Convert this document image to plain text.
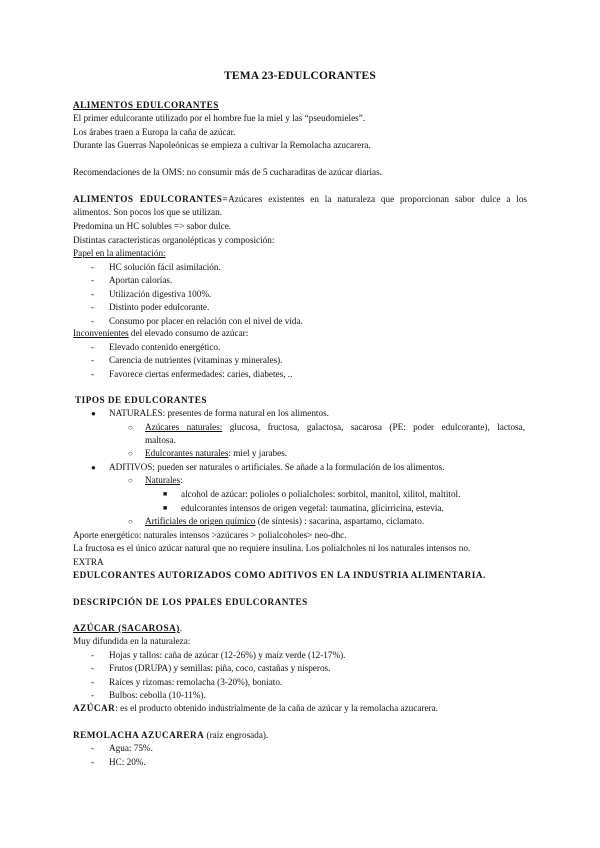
TEMA 23-EDULCORANTES
ALIMENTOS EDULCORANTES
El primer edulcorante utilizado por el hombre fue la miel y las “pseudomieles”.
Los árabes traen a Europa la caña de azúcar.
Durante las Guerras Napoleónicas se empieza a cultivar la Remolacha azucarera.
Recomendaciones de la OMS: no consumir más de 5 cucharaditas de azúcar diarias.
ALIMENTOS EDULCORANTES=Azúcares existentes en la naturaleza que proporcionan sabor dulce a los
alimentos. Son pocos los que se utilizan.
Predomina un HC solubles => sabor dulce.
Distintas características organolépticas y composición:
Papel en la alimentación:
- HC solución fácil asimilación.
- Aportan calorías.
- Utilización digestiva 100%.
- Distinto poder edulcorante.
- Consumo por placer en relación con el nivel de vida.
Inconvenientes del elevado consumo de azúcar:
- Elevado contenido energético.
- Carencia de nutrientes (vitaminas y minerales).
- Favorece ciertas enfermedades: caries, diabetes, ..
TIPOS DE EDULCORANTES
● NATURALES: presentes de forma natural en los alimentos.
○ Azúcares naturales: glucosa, fructosa, galactosa, sacarosa (PE: poder edulcorante), lactosa,
maltosa.
○ Edulcorantes naturales: miel y jarabes.
● ADITIVOS: pueden ser naturales o artificiales. Se añade a la formulación de los alimentos.
○ Naturales:
■ alcohol de azúcar: polioles o polialcholes: sorbitol, manitol, xilitol, maltitol.
■ edulcorantes intensos de origen vegetal: taumatina, glicirricina, estevia.
○ Artificiales de origen químico (de síntesis) : sacarina, aspartamo, ciclamato.
Aporte energético: naturales intensos >azúcares > polialcoholes> neo-dhc.
La fructosa es el único azúcar natural que no requiere insulina. Los polialcholes ni los naturales intensos no.
EXTRA
EDULCORANTES AUTORIZADOS COMO ADITIVOS EN LA INDUSTRIA ALIMENTARIA.
DESCRIPCIÓN DE LOS PPALES EDULCORANTES
AZÚCAR (SACAROSA).
Muy difundida en la naturaleza:
- Hojas y tallos: caña de azúcar (12-26%) y maíz verde (12-17%).
- Frutos (DRUPA) y semillas: piña, coco, castañas y nísperos.
- Raíces y rizomas: remolacha (3-20%), boniato.
- Bulbos: cebolla (10-11%).
AZÚCAR: es el producto obtenido industrialmente de la caña de azúcar y la remolacha azucarera.
REMOLACHA AZUCARERA (raíz engrosada).
- Agua: 75%.
- HC: 20%.
